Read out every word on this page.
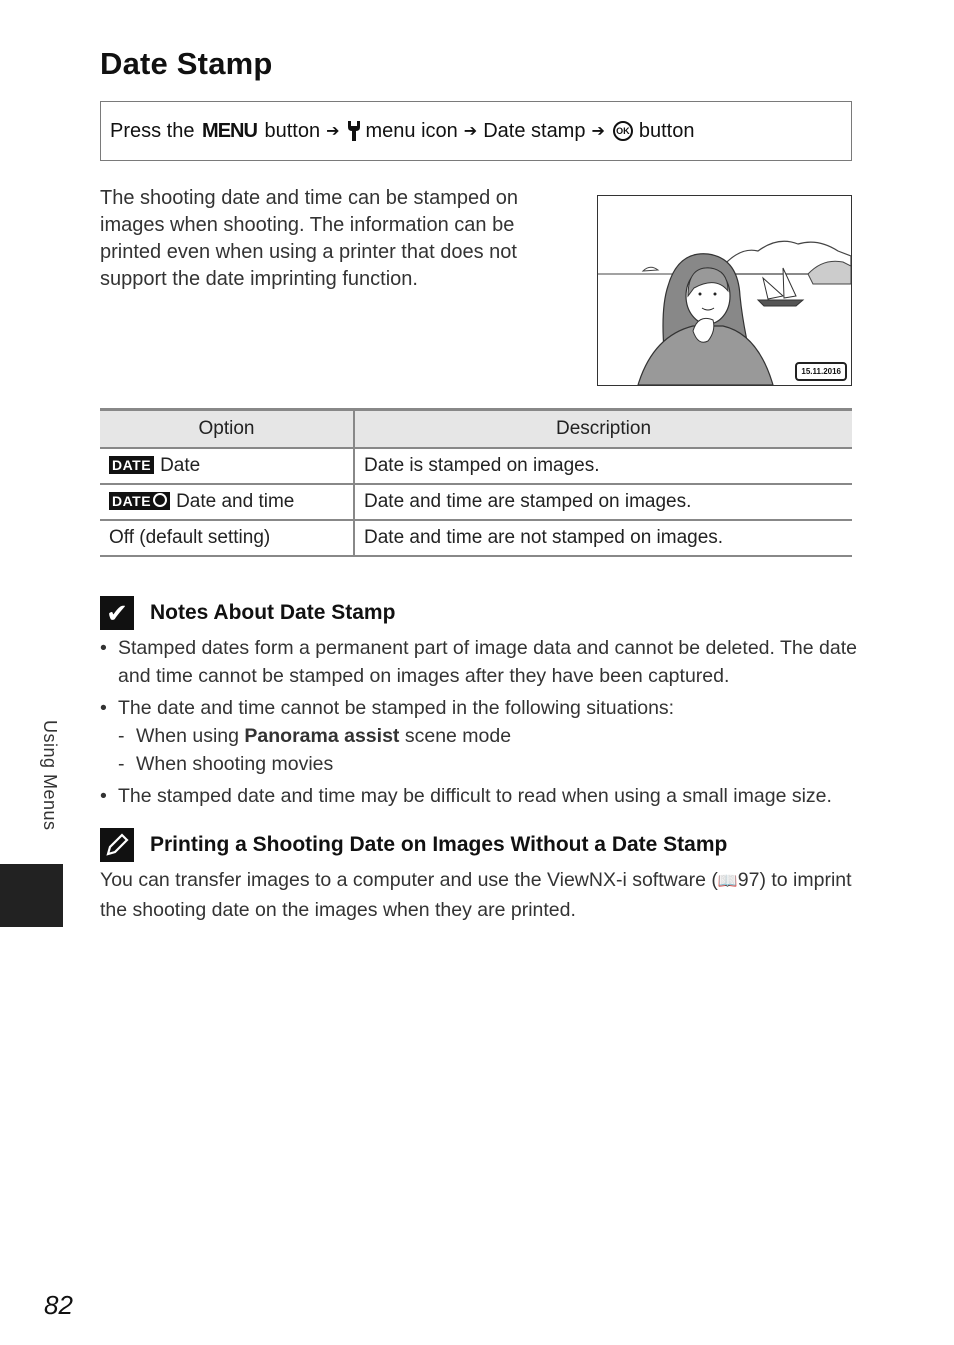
Date Stamp
Press the
MENU
button ➔ menu icon ➔ Date stamp ➔	OK button

The shooting date and time can be stamped on images when shooting. The information can be printed even when using a printer that does not support the date imprinting function.

15.11.2016
Option	Description
DATE Date	Date is stamped on images.
DATE Date and time	Date and time are stamped on images.
Off (default setting)	Date and time are not stamped on images.
✔ Notes About Date Stamp
• Stamped dates form a permanent part of image data and cannot be deleted. The date and time cannot be stamped on images after they have been captured.
• The date and time cannot be stamped in the following situations:
- When using Panorama assist scene mode
- When shooting movies
• The stamped date and time may be difficult to read when using a small image size.
Printing a Shooting Date on Images Without a Date Stamp

You can transfer images to a computer and use the ViewNX-i software (📖97) to imprint the shooting date on the images when they are printed.

Using Menus
82
